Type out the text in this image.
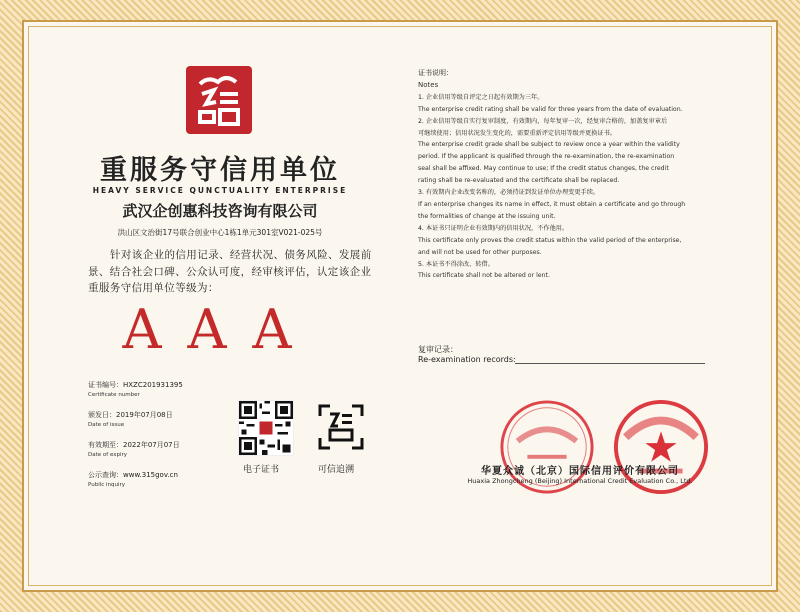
重服务守信用单位
HEAVY SERVICE QUNCTUALITY ENTERPRISE
武汉企创惠科技咨询有限公司
洪山区文治街17号联合创业中心1栋1单元301室V021-025号
针对该企业的信用记录、经营状况、债务风险、发展前景、结合社会口碑、公众认可度，经审核评估，认定该企业重服务守信用单位等级为：
AAA
证书编号：HXZC201931395
Certificate number
颁发日：2019年07月08日
Date of issue
有效期至：2022年07月07日
Date of expiry
公示查询：www.315gov.cn
Public inquiry
电子证书	可信追溯
证书说明：
Notes
1. 企业信用等级自评定之日起有效期为三年。
The enterprise credit rating shall be valid for three years from the date of evaluation.
2. 企业信用等级自实行复审制度，有效期内，每年复审一次，经复审合格的，加盖复审章后
可继续使用；信用状况发生变化的，需要重新评定信用等级并更换证书。
The enterprise credit grade shall be subject to review once a year within the validity
period. If the applicant is qualified through the re-examination, the re-examination
seal shall be affixed. May continue to use; If the credit status changes, the credit
rating shall be re-evaluated and the certificate shall be replaced.
3. 有效期内企业改变名称的，必须持证到发证单位办理变更手续。
If an enterprise changes its name in effect, it must obtain a certificate and go through
the formalities of change at the issuing unit.
4. 本证书只证明企业有效期内的信用状况，不作他用。
This certificate only proves the credit status within the valid period of the enterprise,
and will not be used for other purposes.
5. 本证书不得涂改、转借。
This certificate shall not be altered or lent.
复审记录：
Re-examination records:
华夏众诚（北京）国际信用评价有限公司
Huaxia Zhongcheng (Beijing) International Credit Evaluation Co., Ltd.
